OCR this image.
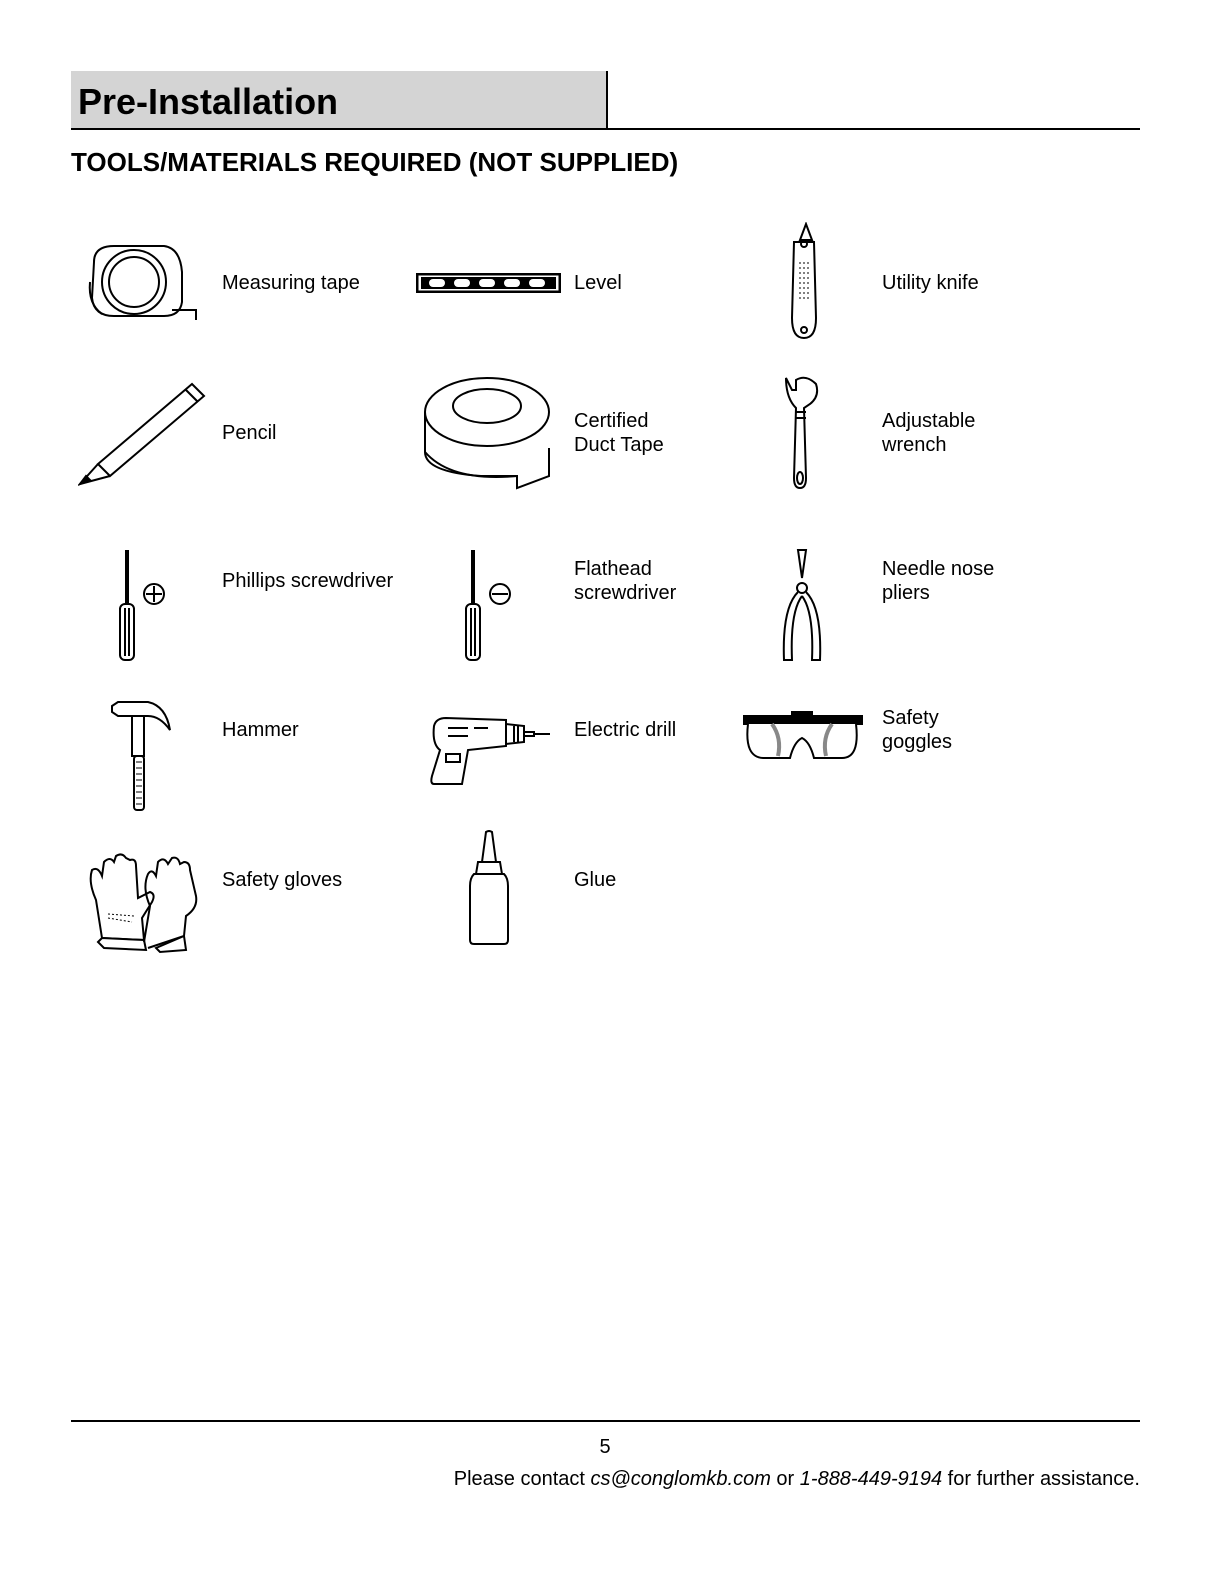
Pre-Installation
TOOLS/MATERIALS REQUIRED (NOT SUPPLIED)
Measuring tape	Level	Utility knife
Pencil
Certified
Duct Tape
Adjustable
wrench
Phillips screwdriver
Flathead
screwdriver
Needle nose
pliers
Hammer	Electric drill
Safety
goggles
Safety gloves	Glue
5
Please contact cs@conglomkb.com or 1-888-449-9194 for further assistance.
